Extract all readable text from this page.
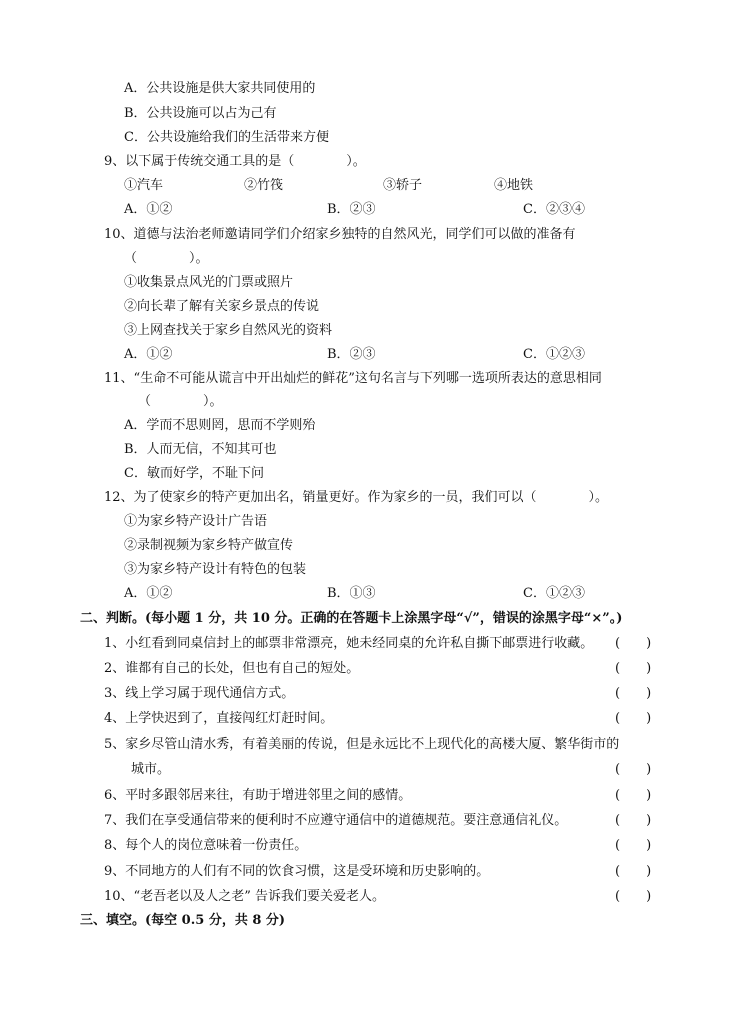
A．公共设施是供大家共同使用的
B．公共设施可以占为己有
C．公共设施给我们的生活带来方便
9、以下属于传统交通工具的是（　　　　）。
①汽车	②竹筏	③轿子	④地铁
A．①②	B．②③	C．②③④
10、道德与法治老师邀请同学们介绍家乡独特的自然风光，同学们可以做的准备有
（　　　　）。
①收集景点风光的门票或照片
②向长辈了解有关家乡景点的传说
③上网查找关于家乡自然风光的资料
A．①②	B．②③	C．①②③
11、“生命不可能从谎言中开出灿烂的鲜花”这句名言与下列哪一选项所表达的意思相同
（　　　　）。
A．学而不思则罔，思而不学则殆
B．人而无信，不知其可也
C．敏而好学，不耻下问
12、为了使家乡的特产更加出名，销量更好。作为家乡的一员，我们可以（　　　　）。
①为家乡特产设计广告语
②录制视频为家乡特产做宣传
③为家乡特产设计有特色的包装
A．①②	B．①③	C．①②③
二、判断。(每小题 1 分，共 10 分。正确的在答题卡上涂黑字母“√”，错误的涂黑字母“×”。)
1、小红看到同桌信封上的邮票非常漂亮，她未经同桌的允许私自撕下邮票进行收藏。 (　　)
2、谁都有自己的长处，但也有自己的短处。	(　　)
3、线上学习属于现代通信方式。	(　　)
4、上学快迟到了，直接闯红灯赶时间。	(　　)
5、家乡尽管山清水秀，有着美丽的传说，但是永远比不上现代化的高楼大厦、繁华街市的
城市。	(　　)
6、平时多跟邻居来往，有助于增进邻里之间的感情。	(　　)
7、我们在享受通信带来的便利时不应遵守通信中的道德规范。要注意通信礼仪。	(　　)
8、每个人的岗位意味着一份责任。	(　　)
9、不同地方的人们有不同的饮食习惯，这是受环境和历史影响的。	(　　)
10、“老吾老以及人之老” 告诉我们要关爱老人。	(　　)
三、填空。(每空 0.5 分，共 8 分)
